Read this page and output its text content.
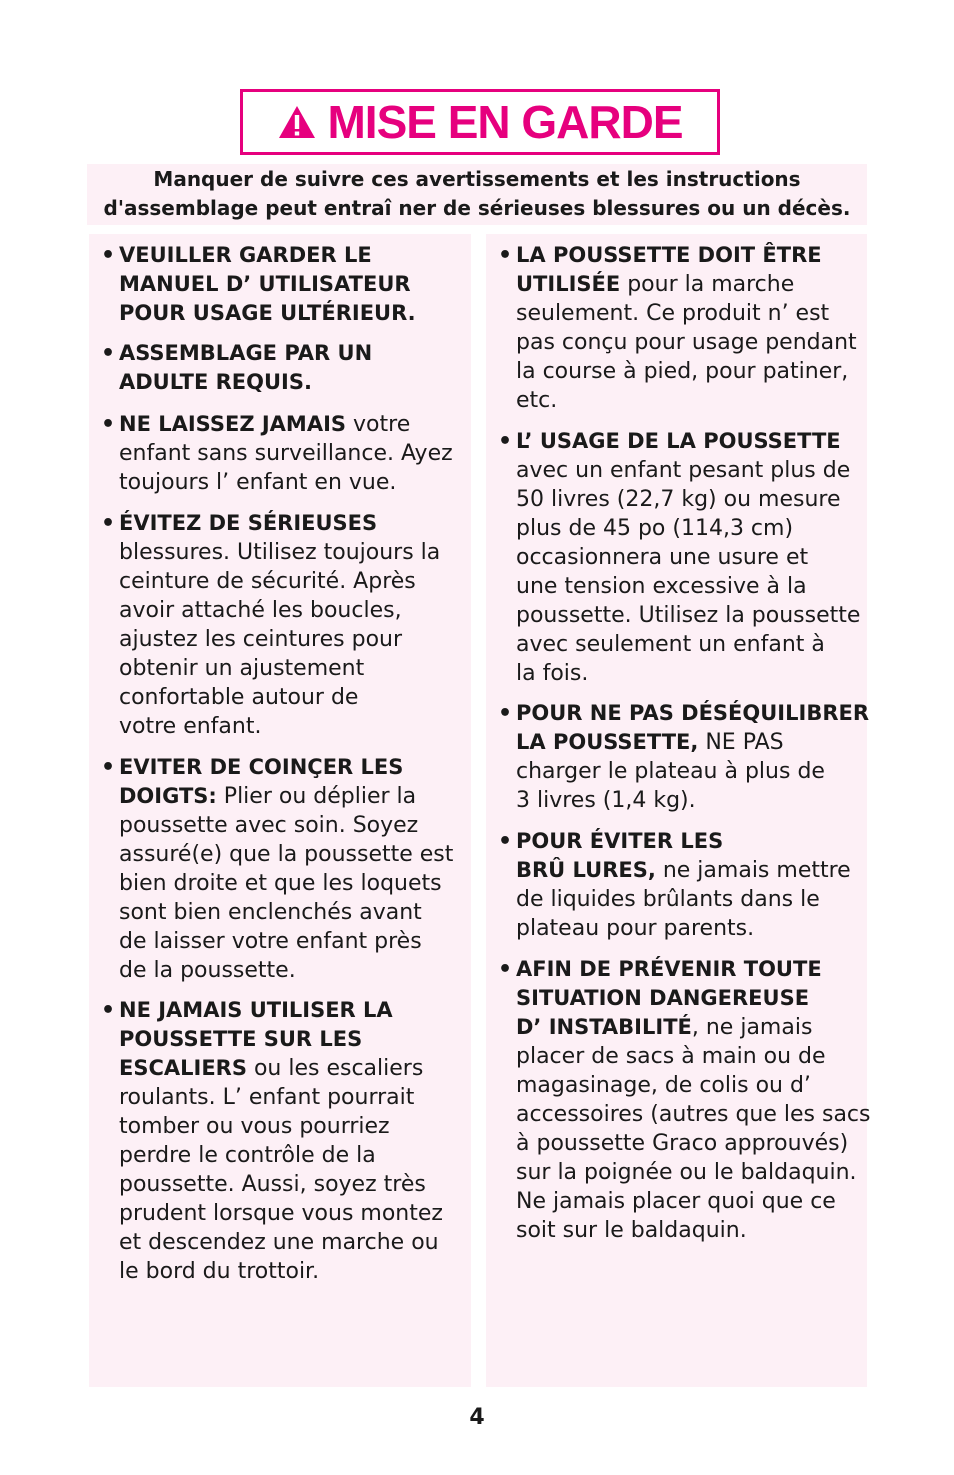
MISE EN GARDE
Manquer de suivre ces avertissements et les instructions
d'assemblage peut entraî ner de sérieuses blessures ou un décès.
• VEUILLER GARDER LE
MANUEL D’ UTILISATEUR
POUR USAGE ULTÉRIEUR.
• ASSEMBLAGE PAR UN
ADULTE REQUIS.
• NE LAISSEZ JAMAIS votre
enfant sans surveillance. Ayez
toujours l’ enfant en vue.
• ÉVITEZ DE SÉRIEUSES
blessures. Utilisez toujours la
ceinture de sécurité. Après
avoir attaché les boucles,
ajustez les ceintures pour
obtenir un ajustement
confortable autour de
votre enfant.
• EVITER DE COINÇER LES
DOIGTS: Plier ou déplier la
poussette avec soin. Soyez
assuré(e) que la poussette est
bien droite et que les loquets
sont bien enclenchés avant
de laisser votre enfant près
de la poussette.
• NE JAMAIS UTILISER LA
POUSSETTE SUR LES
ESCALIERS ou les escaliers
roulants. L’ enfant pourrait
tomber ou vous pourriez
perdre le contrôle de la
poussette. Aussi, soyez très
prudent lorsque vous montez
et descendez une marche ou
le bord du trottoir.
• LA POUSSETTE DOIT ÊTRE
UTILISÉE pour la marche
seulement. Ce produit n’ est
pas conçu pour usage pendant
la course à pied, pour patiner,
etc.
• L’ USAGE DE LA POUSSETTE
avec un enfant pesant plus de
50 livres (22,7 kg) ou mesure
plus de 45 po (114,3 cm)
occasionnera une usure et
une tension excessive à la
poussette. Utilisez la poussette
avec seulement un enfant à
la fois.
• POUR NE PAS DÉSÉQUILIBRER
LA POUSSETTE, NE PAS
charger le plateau à plus de
3 livres (1,4 kg).
• POUR ÉVITER LES
BRÛ LURES, ne jamais mettre
de liquides brûlants dans le
plateau pour parents.
• AFIN DE PRÉVENIR TOUTE
SITUATION DANGEREUSE
D’ INSTABILITÉ, ne jamais
placer de sacs à main ou de
magasinage, de colis ou d’
accessoires (autres que les sacs
à poussette Graco approuvés)
sur la poignée ou le baldaquin.
Ne jamais placer quoi que ce
soit sur le baldaquin.
4
